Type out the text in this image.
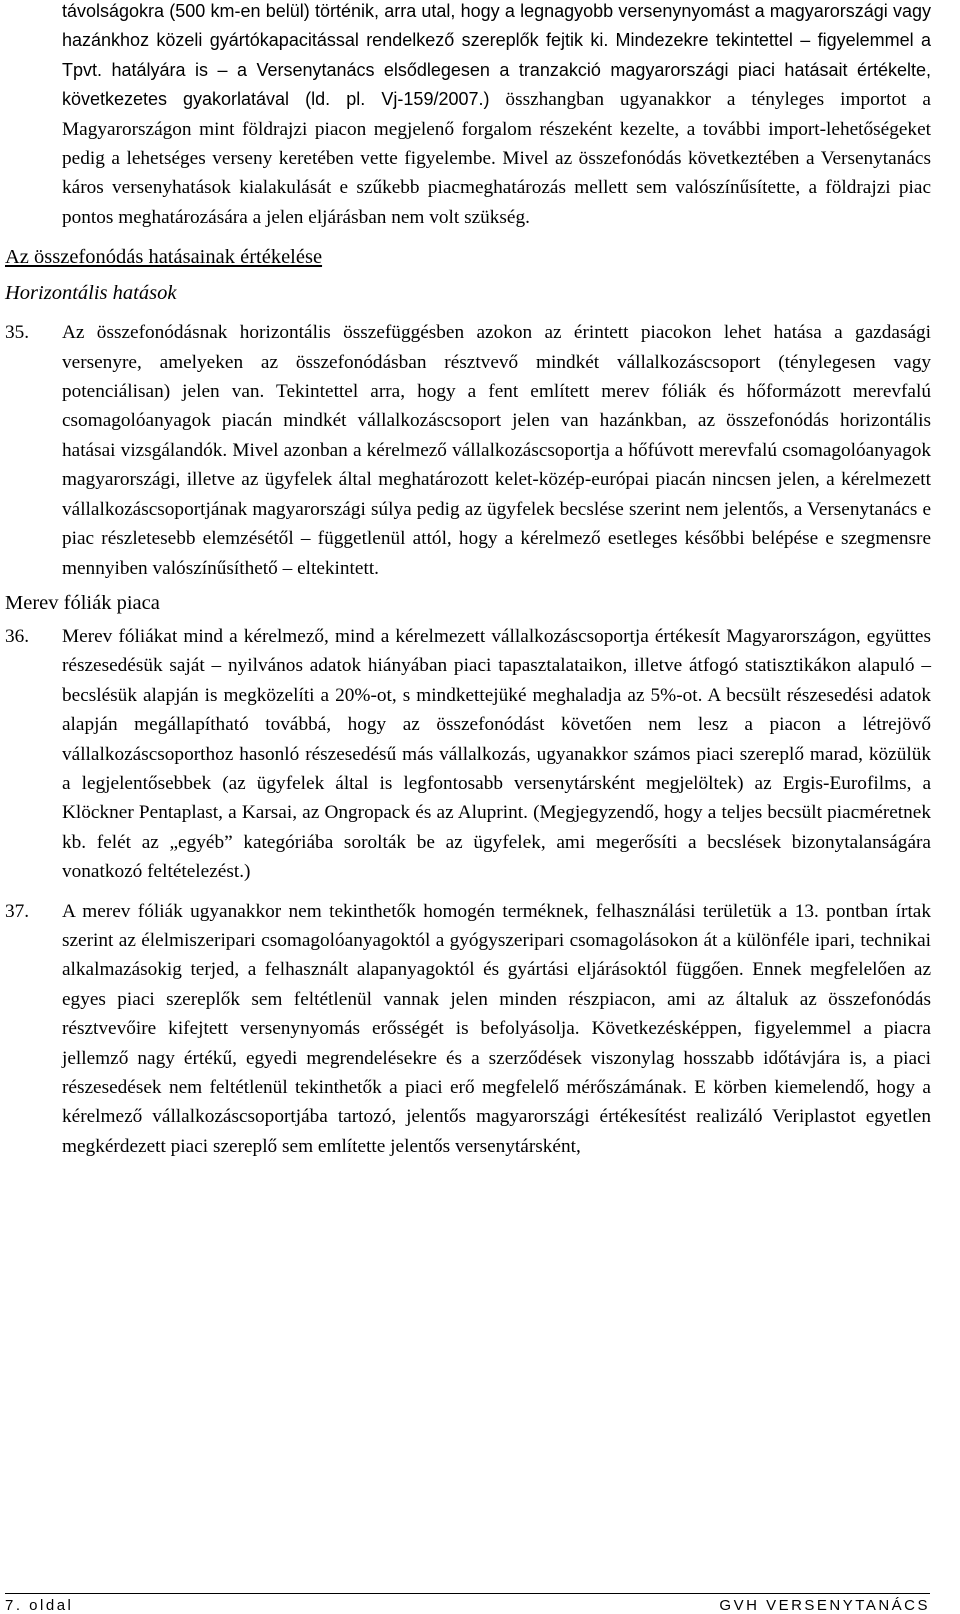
távolságokra (500 km-en belül) történik, arra utal, hogy a legnagyobb versenynyomást a magyarországi vagy hazánkhoz közeli gyártókapacitással rendelkező szereplők fejtik ki. Mindezekre tekintettel – figyelemmel a Tpvt. hatályára is – a Versenytanács elsődlegesen a tranzakció magyarországi piaci hatásait értékelte, következetes gyakorlatával (ld. pl. Vj-159/2007.) összhangban ugyanakkor a tényleges importot a Magyarországon mint földrajzi piacon megjelenő forgalom részeként kezelte, a további import-lehetőségeket pedig a lehetséges verseny keretében vette figyelembe. Mivel az összefonódás következtében a Versenytanács káros versenyhatások kialakulását e szűkebb piacmeghatározás mellett sem valószínűsítette, a földrajzi piac pontos meghatározására a jelen eljárásban nem volt szükség.

Az összefonódás hatásainak értékelése

Horizontális hatások

35. Az összefonódásnak horizontális összefüggésben azokon az érintett piacokon lehet hatása a gazdasági versenyre, amelyeken az összefonódásban résztvevő mindkét vállalkozáscsoport (ténylegesen vagy potenciálisan) jelen van. Tekintettel arra, hogy a fent említett merev fóliák és hőformázott merevfalú csomagolóanyagok piacán mindkét vállalkozáscsoport jelen van hazánkban, az összefonódás horizontális hatásai vizsgálandók. Mivel azonban a kérelmező vállalkozáscsoportja a hőfúvott merevfalú csomagolóanyagok magyarországi, illetve az ügyfelek által meghatározott kelet-közép-európai piacán nincsen jelen, a kérelmezett vállalkozáscsoportjának magyarországi súlya pedig az ügyfelek becslése szerint nem jelentős, a Versenytanács e piac részletesebb elemzésétől – függetlenül attól, hogy a kérelmező esetleges későbbi belépése e szegmensre mennyiben valószínűsíthető – eltekintett.

Merev fóliák piaca

36. Merev fóliákat mind a kérelmező, mind a kérelmezett vállalkozáscsoportja értékesít Magyarországon, együttes részesedésük saját – nyilvános adatok hiányában piaci tapasztalataikon, illetve átfogó statisztikákon alapuló – becslésük alapján is megközelíti a 20%-ot, s mindkettejüké meghaladja az 5%-ot. A becsült részesedési adatok alapján megállapítható továbbá, hogy az összefonódást követően nem lesz a piacon a létrejövő vállalkozáscsoporthoz hasonló részesedésű más vállalkozás, ugyanakkor számos piaci szereplő marad, közülük a legjelentősebbek (az ügyfelek által is legfontosabb versenytársként megjelöltek) az Ergis-Eurofilms, a Klöckner Pentaplast, a Karsai, az Ongropack és az Aluprint. (Megjegyzendő, hogy a teljes becsült piacméretnek kb. felét az „egyéb” kategóriába sorolták be az ügyfelek, ami megerősíti a becslések bizonytalanságára vonatkozó feltételezést.)

37. A merev fóliák ugyanakkor nem tekinthetők homogén terméknek, felhasználási területük a 13. pontban írtak szerint az élelmiszeripari csomagolóanyagoktól a gyógyszeripari csomagolásokon át a különféle ipari, technikai alkalmazásokig terjed, a felhasznált alapanyagoktól és gyártási eljárásoktól függően. Ennek megfelelően az egyes piaci szereplők sem feltétlenül vannak jelen minden részpiacon, ami az általuk az összefonódás résztvevőire kifejtett versenynyomás erősségét is befolyásolja. Következésképpen, figyelemmel a piacra jellemző nagy értékű, egyedi megrendelésekre és a szerződések viszonylag hosszabb időtávjára is, a piaci részesedések nem feltétlenül tekinthetők a piaci erő megfelelő mérőszámának. E körben kiemelendő, hogy a kérelmező vállalkozáscsoportjába tartozó, jelentős magyarországi értékesítést realizáló Veriplastot egyetlen megkérdezett piaci szereplő sem említette jelentős versenytársként,

7. oldal	GVH VERSENYTANÁCS
